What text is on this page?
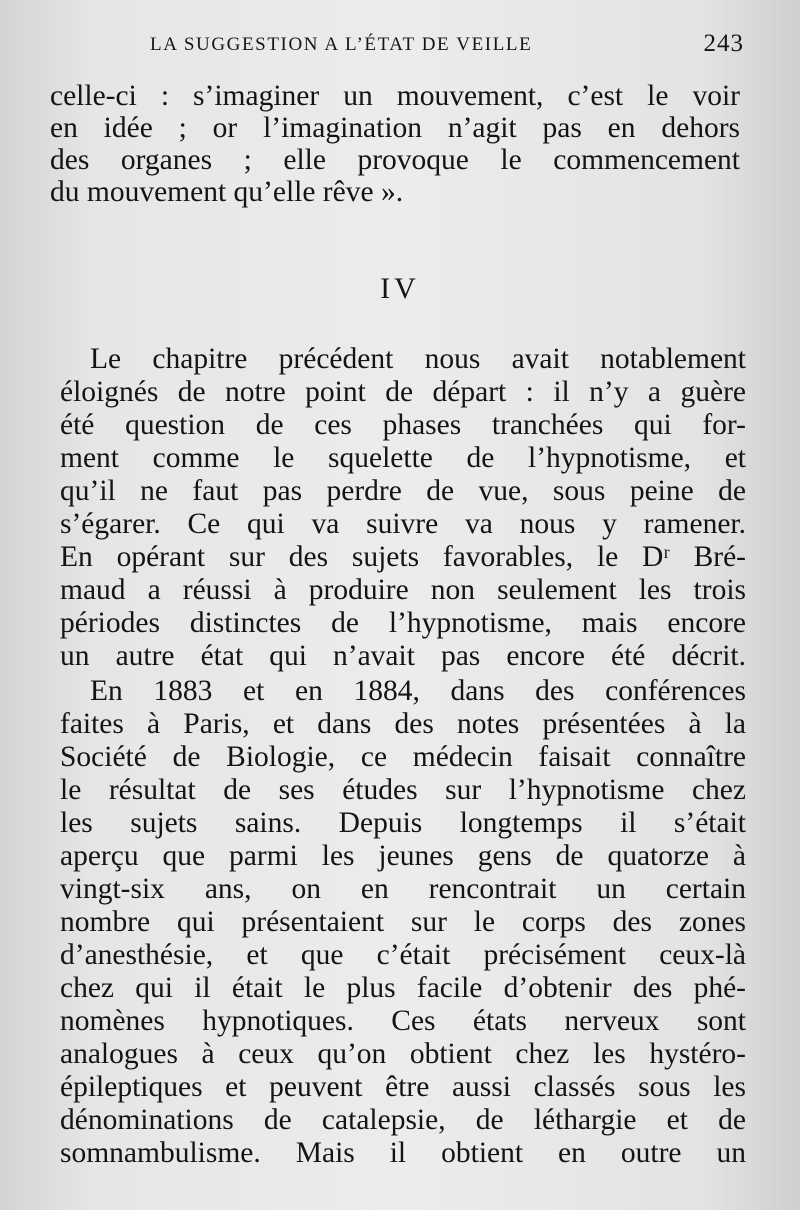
LA SUGGESTION A L’ÉTAT DE VEILLE	243
celle-ci : s’imaginer un mouvement, c’est le voir
en idée ; or l’imagination n’agit pas en dehors
des organes ; elle provoque le commencement
du mouvement qu’elle rêve ».
IV
Le chapitre précédent nous avait notablement
éloignés de notre point de départ : il n’y a guère
été question de ces phases tranchées qui for-
ment comme le squelette de l’hypnotisme, et
qu’il ne faut pas perdre de vue, sous peine de
s’égarer. Ce qui va suivre va nous y ramener.
En opérant sur des sujets favorables, le Dʳ Bré-
maud a réussi à produire non seulement les trois
périodes distinctes de l’hypnotisme, mais encore
un autre état qui n’avait pas encore été décrit.
En 1883 et en 1884, dans des conférences
faites à Paris, et dans des notes présentées à la
Société de Biologie, ce médecin faisait connaître
le résultat de ses études sur l’hypnotisme chez
les sujets sains. Depuis longtemps il s’était
aperçu que parmi les jeunes gens de quatorze à
vingt-six ans, on en rencontrait un certain
nombre qui présentaient sur le corps des zones
d’anesthésie, et que c’était précisément ceux-là
chez qui il était le plus facile d’obtenir des phé-
nomènes hypnotiques. Ces états nerveux sont
analogues à ceux qu’on obtient chez les hystéro-
épileptiques et peuvent être aussi classés sous les
dénominations de catalepsie, de léthargie et de
somnambulisme. Mais il obtient en outre un
